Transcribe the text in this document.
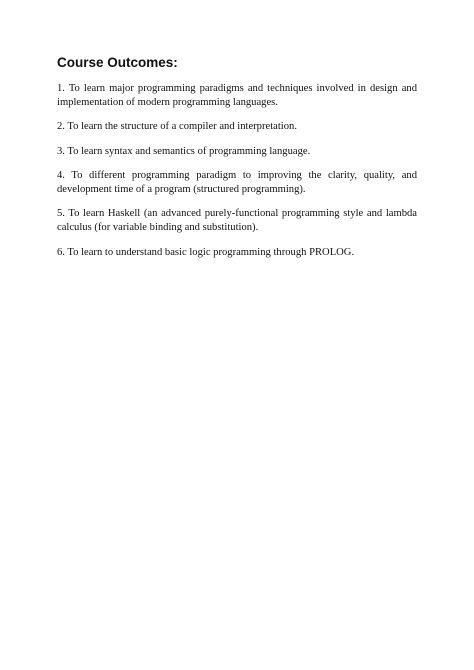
Course Outcomes:
1. To learn major programming paradigms and techniques involved in design and implementation of modern programming languages.
2. To learn the structure of a compiler and interpretation.
3. To learn syntax and semantics of programming language.
4. To different programming paradigm to improving the clarity, quality, and development time of a program (structured programming).
5. To learn Haskell (an advanced purely-functional programming style and lambda calculus (for variable binding and substitution).
6. To learn to understand basic logic programming through PROLOG.
